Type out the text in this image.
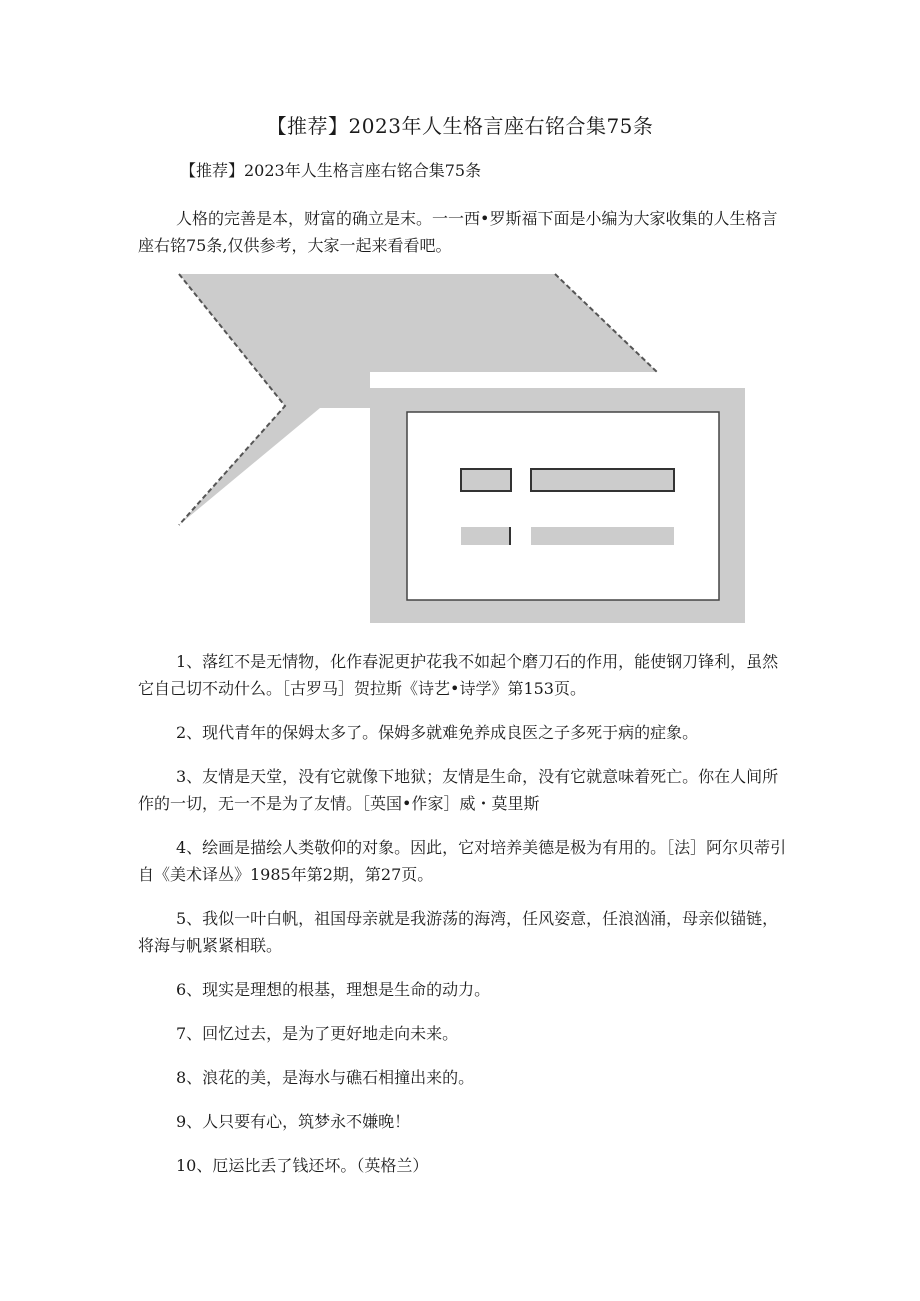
【推荐】2023年人生格言座右铭合集75条
【推荐】2023年人生格言座右铭合集75条

人格的完善是本，财富的确立是末。一一西•罗斯福下面是小编为大家收集的人生格言座右铭75条,仅供参考，大家一起来看看吧。

1、落红不是无情物，化作春泥更护花我不如起个磨刀石的作用，能使钢刀锋利，虽然它自己切不动什么。［古罗马］贺拉斯《诗艺•诗学》第153页。
2、现代青年的保姆太多了。保姆多就难免养成良医之子多死于病的症象。
3、友情是天堂，没有它就像下地狱；友情是生命，没有它就意味着死亡。你在人间所作的一切，无一不是为了友情。［英国•作家］威・莫里斯
4、绘画是描绘人类敬仰的对象。因此，它对培养美德是极为有用的。［法］阿尔贝蒂引自《美术译丛》1985年第2期，第27页。
5、我似一叶白帆，祖国母亲就是我游荡的海湾，任风姿意，任浪汹涌，母亲似锚链，将海与帆紧紧相联。
6、现实是理想的根基，理想是生命的动力。
7、回忆过去，是为了更好地走向未来。
8、浪花的美，是海水与礁石相撞出来的。
9、人只要有心，筑梦永不嫌晚！
10、厄运比丢了钱还坏。（英格兰）
